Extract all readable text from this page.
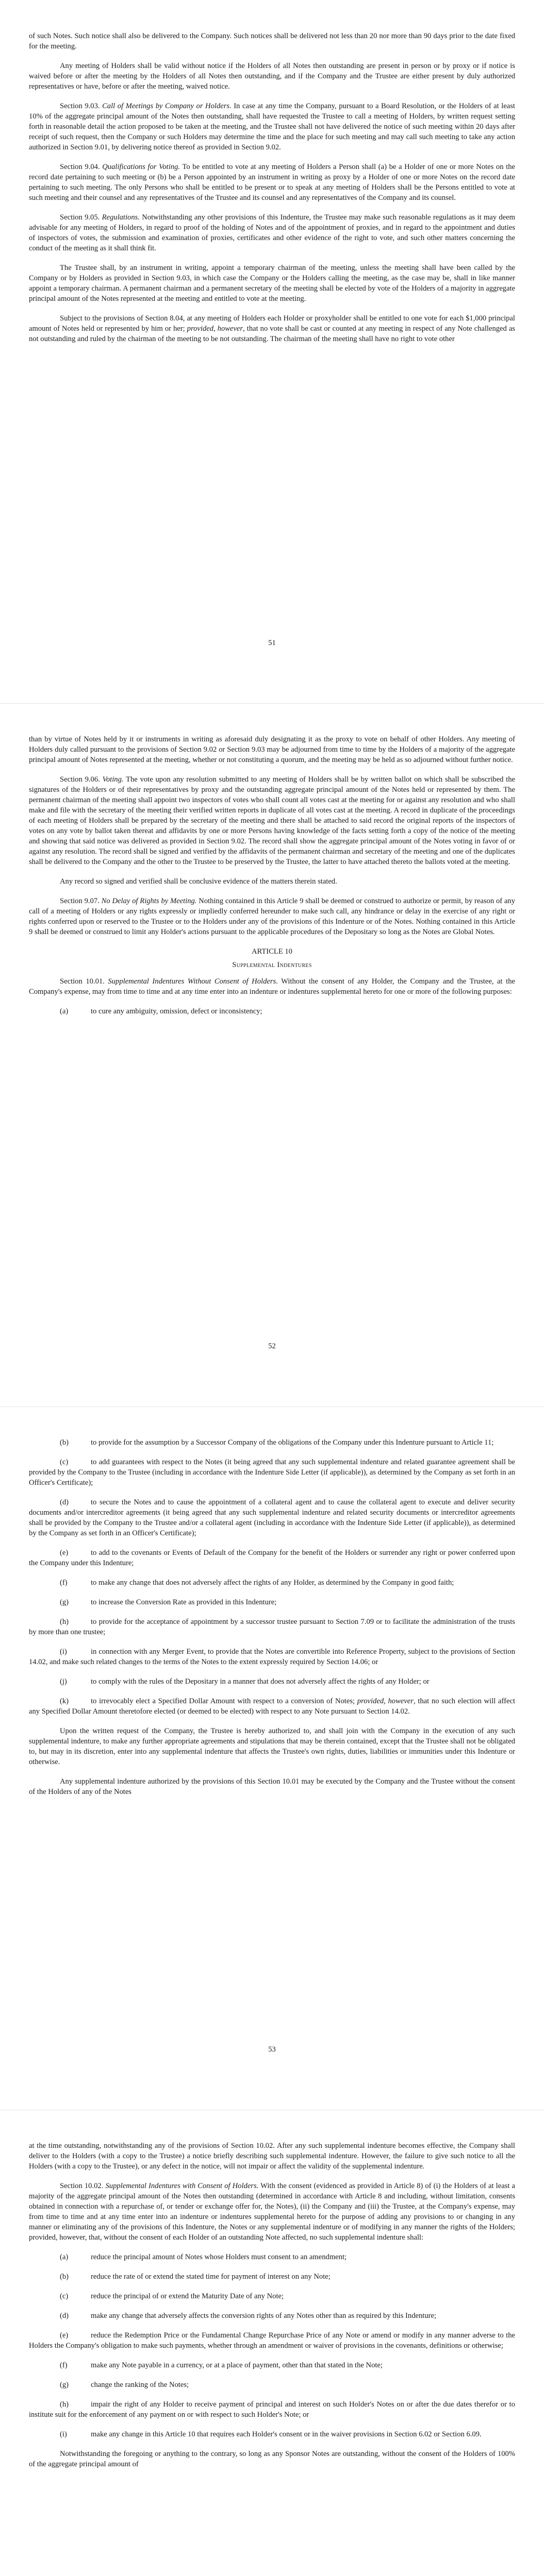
of such Notes. Such notice shall also be delivered to the Company. Such notices shall be delivered not less than 20 nor more than 90 days prior to the date fixed for the meeting.

Any meeting of Holders shall be valid without notice if the Holders of all Notes then outstanding are present in person or by proxy or if notice is waived before or after the meeting by the Holders of all Notes then outstanding, and if the Company and the Trustee are either present by duly authorized representatives or have, before or after the meeting, waived notice.

Section 9.03. Call of Meetings by Company or Holders. In case at any time the Company, pursuant to a Board Resolution, or the Holders of at least 10% of the aggregate principal amount of the Notes then outstanding, shall have requested the Trustee to call a meeting of Holders, by written request setting forth in reasonable detail the action proposed to be taken at the meeting, and the Trustee shall not have delivered the notice of such meeting within 20 days after receipt of such request, then the Company or such Holders may determine the time and the place for such meeting and may call such meeting to take any action authorized in Section 9.01, by delivering notice thereof as provided in Section 9.02.

Section 9.04. Qualifications for Voting. To be entitled to vote at any meeting of Holders a Person shall (a) be a Holder of one or more Notes on the record date pertaining to such meeting or (b) be a Person appointed by an instrument in writing as proxy by a Holder of one or more Notes on the record date pertaining to such meeting. The only Persons who shall be entitled to be present or to speak at any meeting of Holders shall be the Persons entitled to vote at such meeting and their counsel and any representatives of the Trustee and its counsel and any representatives of the Company and its counsel.

Section 9.05. Regulations. Notwithstanding any other provisions of this Indenture, the Trustee may make such reasonable regulations as it may deem advisable for any meeting of Holders, in regard to proof of the holding of Notes and of the appointment of proxies, and in regard to the appointment and duties of inspectors of votes, the submission and examination of proxies, certificates and other evidence of the right to vote, and such other matters concerning the conduct of the meeting as it shall think fit.

The Trustee shall, by an instrument in writing, appoint a temporary chairman of the meeting, unless the meeting shall have been called by the Company or by Holders as provided in Section 9.03, in which case the Company or the Holders calling the meeting, as the case may be, shall in like manner appoint a temporary chairman. A permanent chairman and a permanent secretary of the meeting shall be elected by vote of the Holders of a majority in aggregate principal amount of the Notes represented at the meeting and entitled to vote at the meeting.

Subject to the provisions of Section 8.04, at any meeting of Holders each Holder or proxyholder shall be entitled to one vote for each $1,000 principal amount of Notes held or represented by him or her; provided, however, that no vote shall be cast or counted at any meeting in respect of any Note challenged as not outstanding and ruled by the chairman of the meeting to be not outstanding. The chairman of the meeting shall have no right to vote other

51

than by virtue of Notes held by it or instruments in writing as aforesaid duly designating it as the proxy to vote on behalf of other Holders. Any meeting of Holders duly called pursuant to the provisions of Section 9.02 or Section 9.03 may be adjourned from time to time by the Holders of a majority of the aggregate principal amount of Notes represented at the meeting, whether or not constituting a quorum, and the meeting may be held as so adjourned without further notice.

Section 9.06. Voting. The vote upon any resolution submitted to any meeting of Holders shall be by written ballot on which shall be subscribed the signatures of the Holders or of their representatives by proxy and the outstanding aggregate principal amount of the Notes held or represented by them. The permanent chairman of the meeting shall appoint two inspectors of votes who shall count all votes cast at the meeting for or against any resolution and who shall make and file with the secretary of the meeting their verified written reports in duplicate of all votes cast at the meeting. A record in duplicate of the proceedings of each meeting of Holders shall be prepared by the secretary of the meeting and there shall be attached to said record the original reports of the inspectors of votes on any vote by ballot taken thereat and affidavits by one or more Persons having knowledge of the facts setting forth a copy of the notice of the meeting and showing that said notice was delivered as provided in Section 9.02. The record shall show the aggregate principal amount of the Notes voting in favor of or against any resolution. The record shall be signed and verified by the affidavits of the permanent chairman and secretary of the meeting and one of the duplicates shall be delivered to the Company and the other to the Trustee to be preserved by the Trustee, the latter to have attached thereto the ballots voted at the meeting.

Any record so signed and verified shall be conclusive evidence of the matters therein stated.

Section 9.07. No Delay of Rights by Meeting. Nothing contained in this Article 9 shall be deemed or construed to authorize or permit, by reason of any call of a meeting of Holders or any rights expressly or impliedly conferred hereunder to make such call, any hindrance or delay in the exercise of any right or rights conferred upon or reserved to the Trustee or to the Holders under any of the provisions of this Indenture or of the Notes. Nothing contained in this Article 9 shall be deemed or construed to limit any Holder's actions pursuant to the applicable procedures of the Depositary so long as the Notes are Global Notes.

ARTICLE 10
Supplemental Indentures

Section 10.01. Supplemental Indentures Without Consent of Holders. Without the consent of any Holder, the Company and the Trustee, at the Company's expense, may from time to time and at any time enter into an indenture or indentures supplemental hereto for one or more of the following purposes:

(a)	to cure any ambiguity, omission, defect or inconsistency;

52

(b)	to provide for the assumption by a Successor Company of the obligations of the Company under this Indenture pursuant to Article 11;

(c)	to add guarantees with respect to the Notes (it being agreed that any such supplemental indenture and related guarantee agreement shall be provided by the Company to the Trustee (including in accordance with the Indenture Side Letter (if applicable)), as determined by the Company as set forth in an Officer's Certificate);

(d)	to secure the Notes and to cause the appointment of a collateral agent and to cause the collateral agent to execute and deliver security documents and/or intercreditor agreements (it being agreed that any such supplemental indenture and related security documents or intercreditor agreements shall be provided by the Company to the Trustee and/or a collateral agent (including in accordance with the Indenture Side Letter (if applicable)), as determined by the Company as set forth in an Officer's Certificate);

(e)	to add to the covenants or Events of Default of the Company for the benefit of the Holders or surrender any right or power conferred upon the Company under this Indenture;

(f)	to make any change that does not adversely affect the rights of any Holder, as determined by the Company in good faith;

(g)	to increase the Conversion Rate as provided in this Indenture;

(h)	to provide for the acceptance of appointment by a successor trustee pursuant to Section 7.09 or to facilitate the administration of the trusts by more than one trustee;

(i)	in connection with any Merger Event, to provide that the Notes are convertible into Reference Property, subject to the provisions of Section 14.02, and make such related changes to the terms of the Notes to the extent expressly required by Section 14.06; or

(j)	to comply with the rules of the Depositary in a manner that does not adversely affect the rights of any Holder; or

(k)	to irrevocably elect a Specified Dollar Amount with respect to a conversion of Notes; provided, however, that no such election will affect any Specified Dollar Amount theretofore elected (or deemed to be elected) with respect to any Note pursuant to Section 14.02.

Upon the written request of the Company, the Trustee is hereby authorized to, and shall join with the Company in the execution of any such supplemental indenture, to make any further appropriate agreements and stipulations that may be therein contained, except that the Trustee shall not be obligated to, but may in its discretion, enter into any supplemental indenture that affects the Trustee's own rights, duties, liabilities or immunities under this Indenture or otherwise.

Any supplemental indenture authorized by the provisions of this Section 10.01 may be executed by the Company and the Trustee without the consent of the Holders of any of the Notes

53

at the time outstanding, notwithstanding any of the provisions of Section 10.02. After any such supplemental indenture becomes effective, the Company shall deliver to the Holders (with a copy to the Trustee) a notice briefly describing such supplemental indenture. However, the failure to give such notice to all the Holders (with a copy to the Trustee), or any defect in the notice, will not impair or affect the validity of the supplemental indenture.

Section 10.02. Supplemental Indentures with Consent of Holders. With the consent (evidenced as provided in Article 8) of (i) the Holders of at least a majority of the aggregate principal amount of the Notes then outstanding (determined in accordance with Article 8 and including, without limitation, consents obtained in connection with a repurchase of, or tender or exchange offer for, the Notes), (ii) the Company and (iii) the Trustee, at the Company's expense, may from time to time and at any time enter into an indenture or indentures supplemental hereto for the purpose of adding any provisions to or changing in any manner or eliminating any of the provisions of this Indenture, the Notes or any supplemental indenture or of modifying in any manner the rights of the Holders; provided, however, that, without the consent of each Holder of an outstanding Note affected, no such supplemental indenture shall:

(a)	reduce the principal amount of Notes whose Holders must consent to an amendment;

(b)	reduce the rate of or extend the stated time for payment of interest on any Note;

(c)	reduce the principal of or extend the Maturity Date of any Note;

(d)	make any change that adversely affects the conversion rights of any Notes other than as required by this Indenture;

(e)	reduce the Redemption Price or the Fundamental Change Repurchase Price of any Note or amend or modify in any manner adverse to the Holders the Company's obligation to make such payments, whether through an amendment or waiver of provisions in the covenants, definitions or otherwise;

(f)	make any Note payable in a currency, or at a place of payment, other than that stated in the Note;

(g)	change the ranking of the Notes;

(h)	impair the right of any Holder to receive payment of principal and interest on such Holder's Notes on or after the due dates therefor or to institute suit for the enforcement of any payment on or with respect to such Holder's Note; or

(i)	make any change in this Article 10 that requires each Holder's consent or in the waiver provisions in Section 6.02 or Section 6.09.

Notwithstanding the foregoing or anything to the contrary, so long as any Sponsor Notes are outstanding, without the consent of the Holders of 100% of the aggregate principal amount of
